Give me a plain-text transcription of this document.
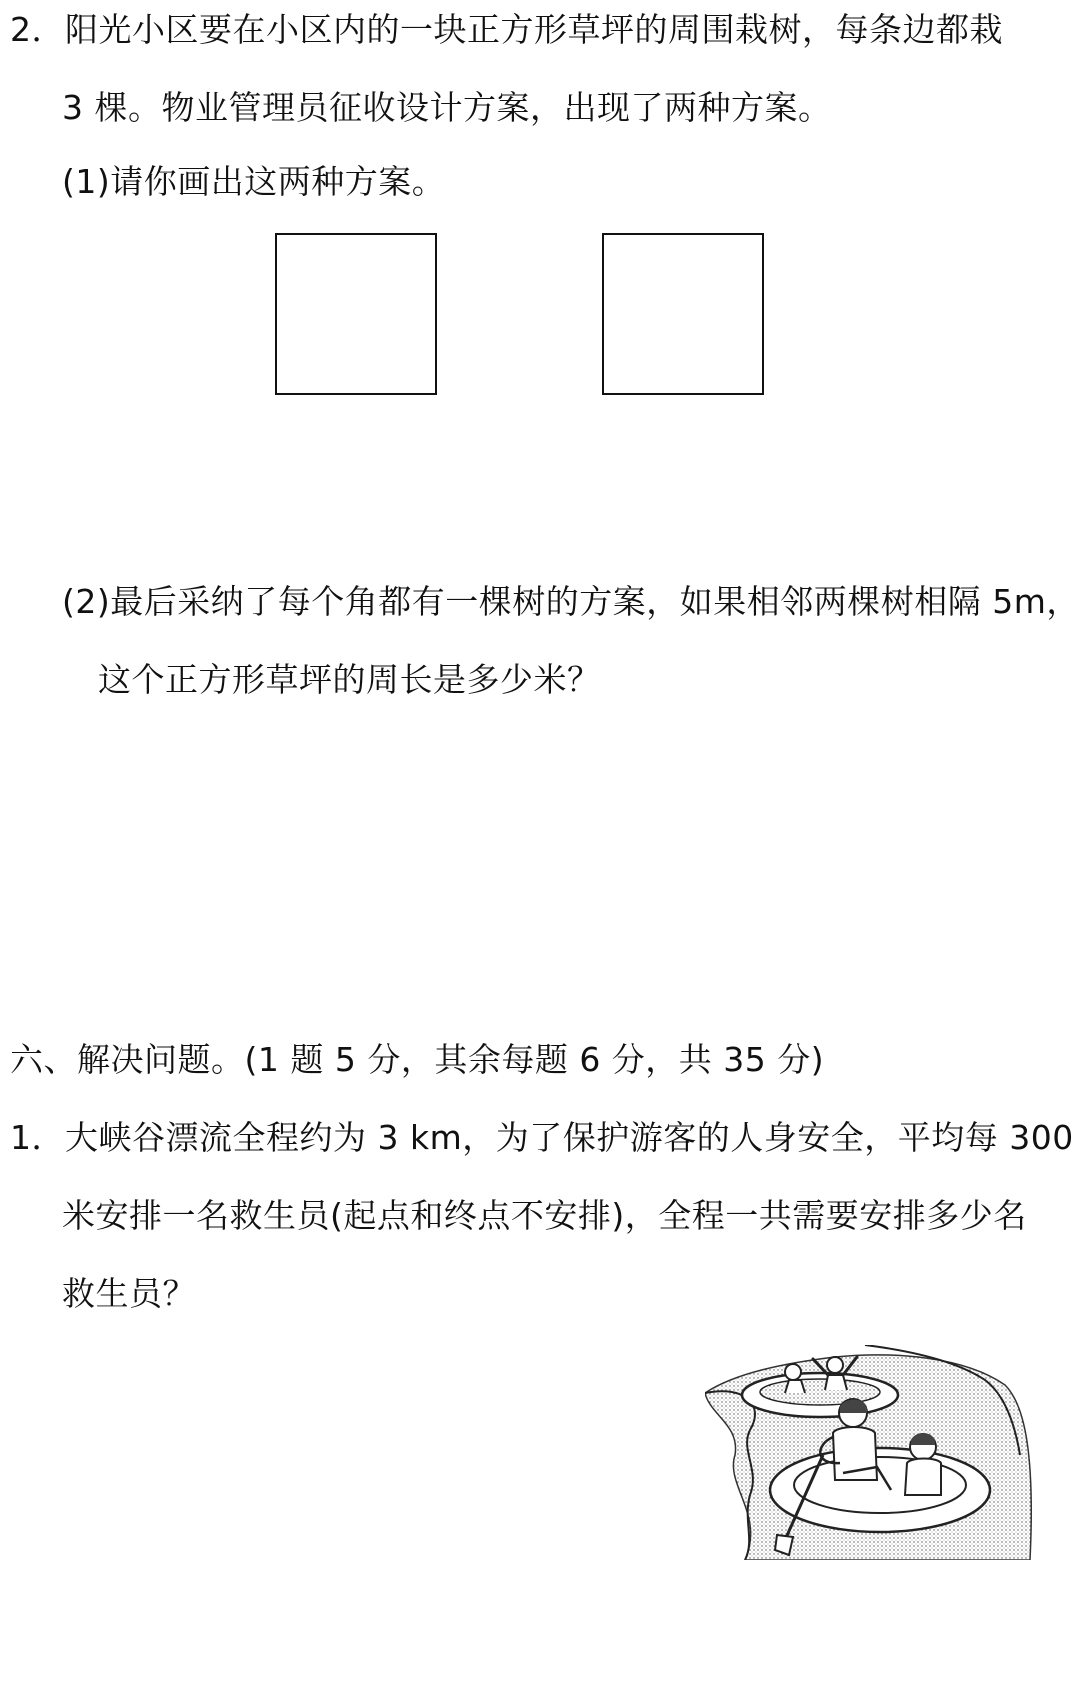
2．阳光小区要在小区内的一块正方形草坪的周围栽树，每条边都栽
3 棵。物业管理员征收设计方案，出现了两种方案。
(1)请你画出这两种方案。
(2)最后采纳了每个角都有一棵树的方案，如果相邻两棵树相隔 5m，
这个正方形草坪的周长是多少米？
六、解决问题。(1 题 5 分，其余每题 6 分，共 35 分)
1．大峡谷漂流全程约为 3 km，为了保护游客的人身安全，平均每 300
米安排一名救生员(起点和终点不安排)，全程一共需要安排多少名
救生员？
